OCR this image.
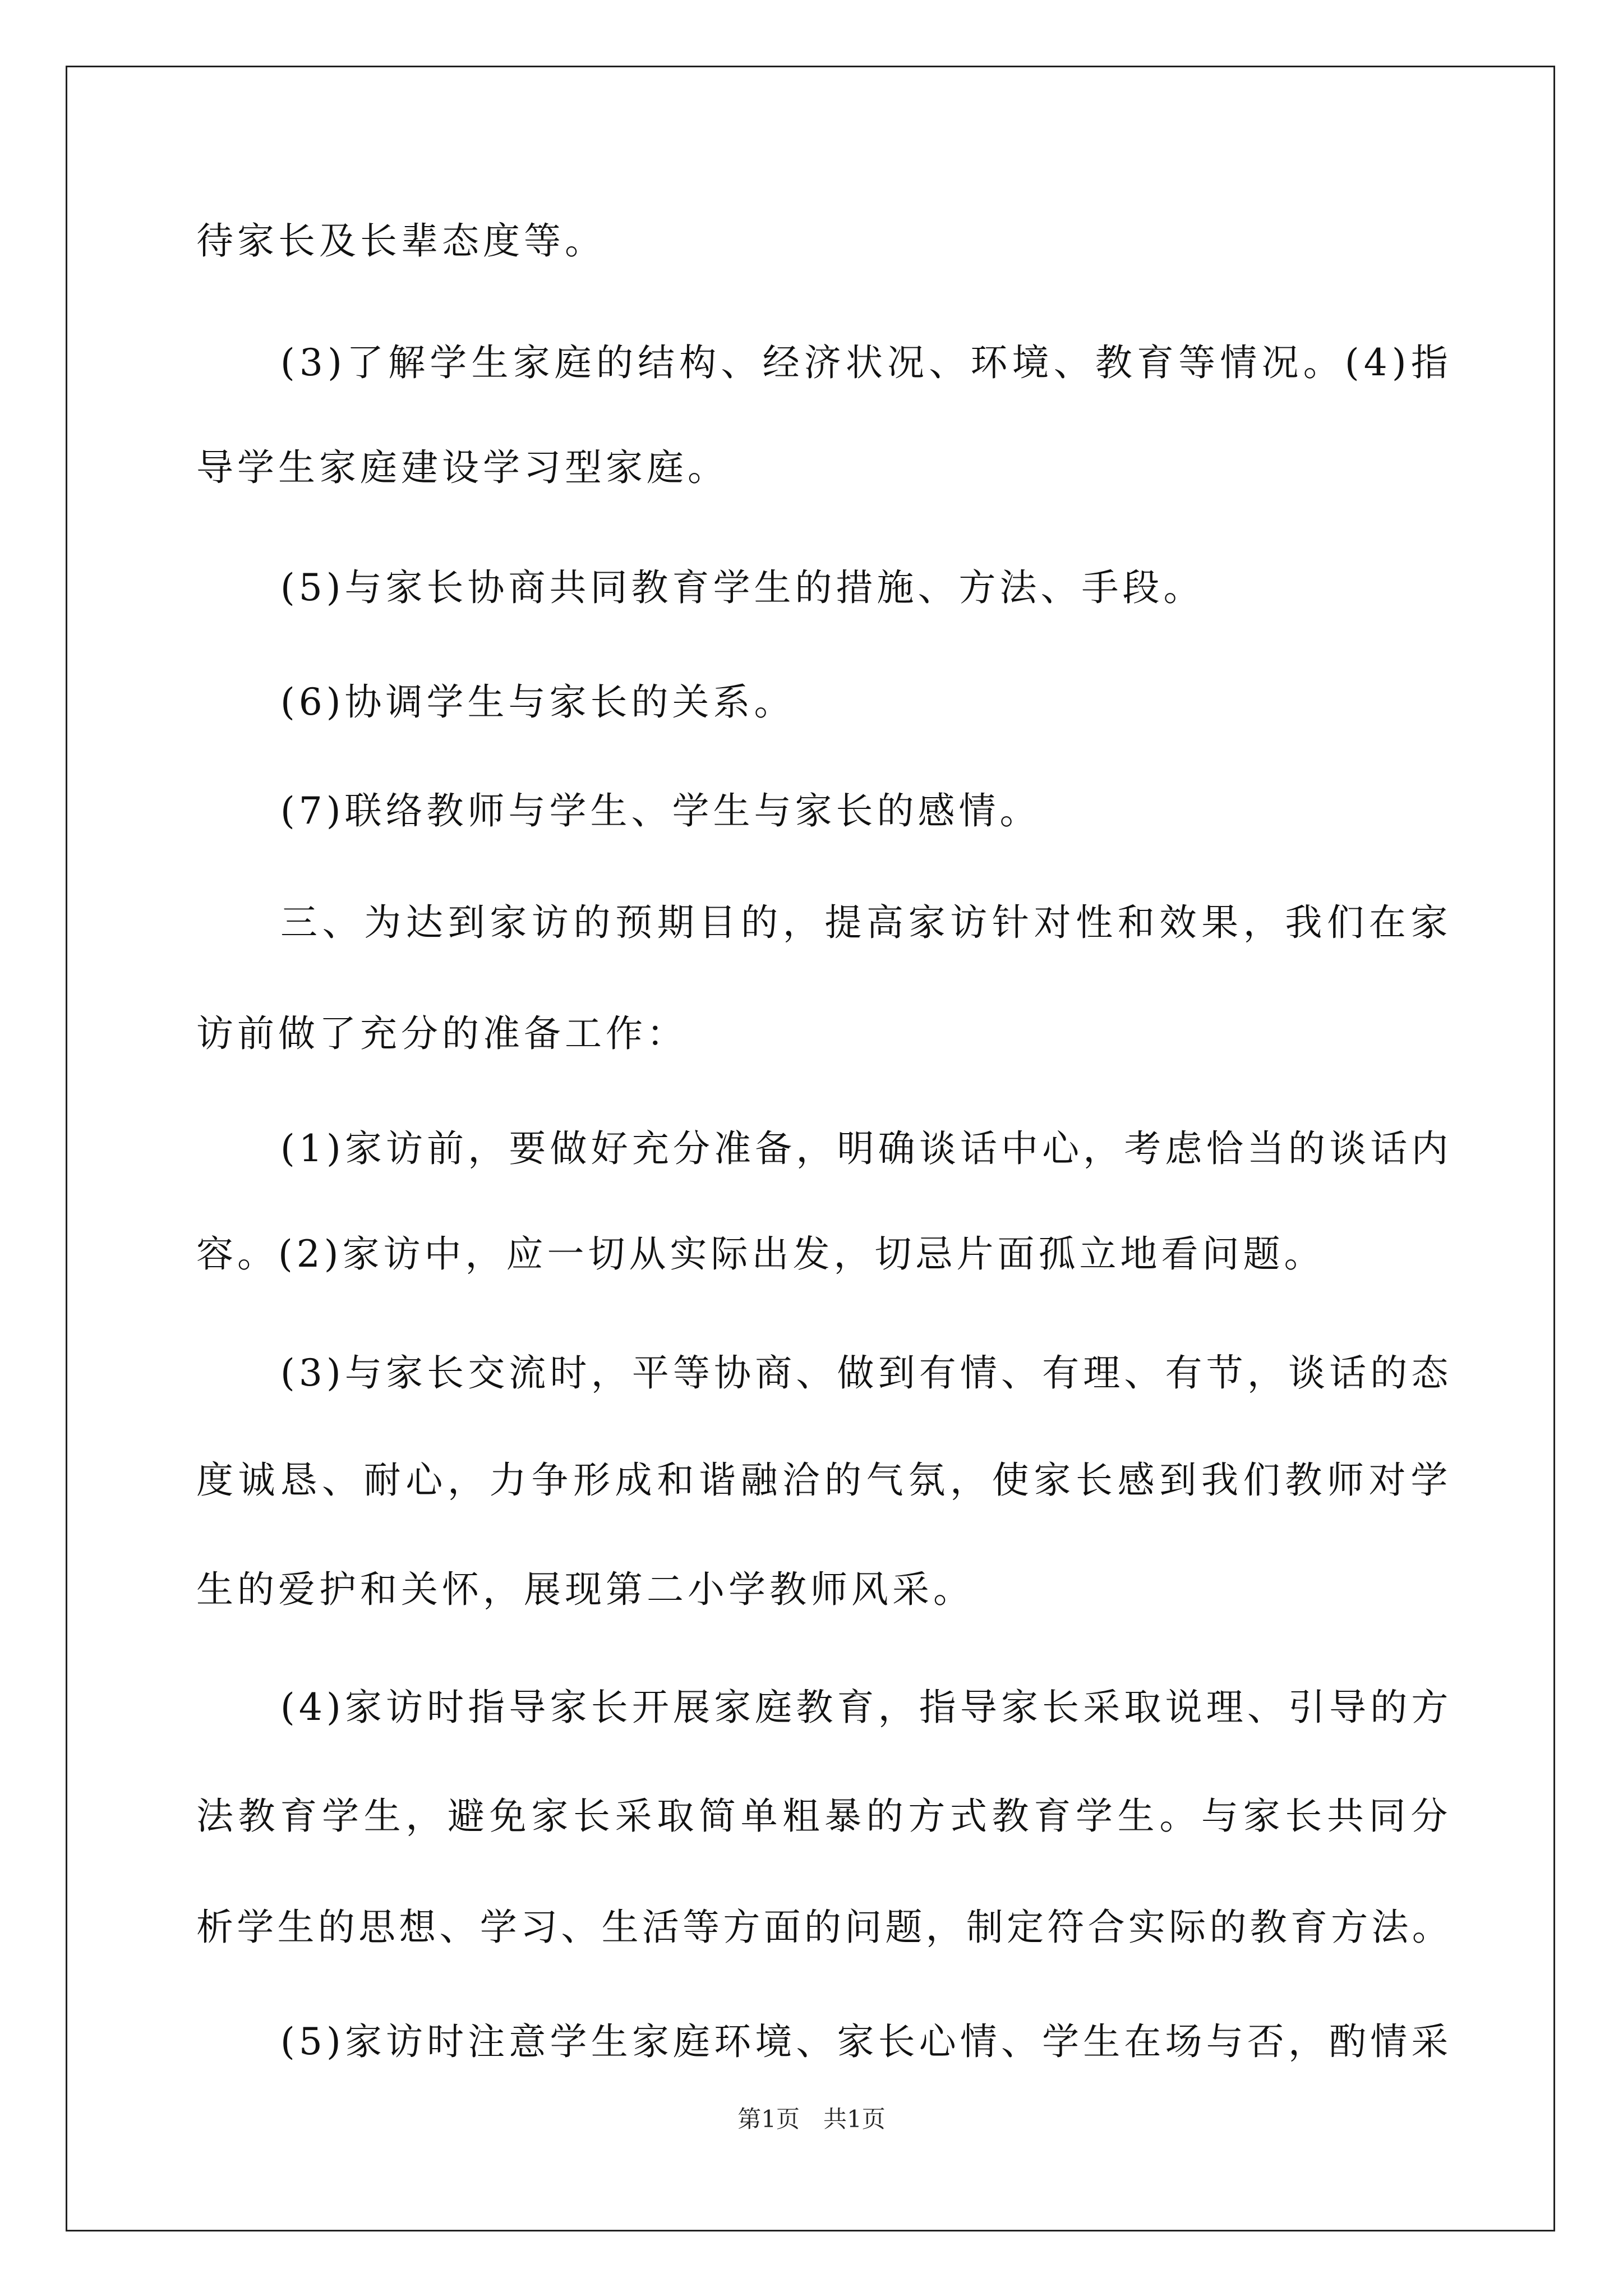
待家长及长辈态度等。
(3)了解学生家庭的结构、经济状况、环境、教育等情况。(4)指
导学生家庭建设学习型家庭。
(5)与家长协商共同教育学生的措施、方法、手段。
(6)协调学生与家长的关系。
(7)联络教师与学生、学生与家长的感情。
三、为达到家访的预期目的，提高家访针对性和效果，我们在家
访前做了充分的准备工作：
(1)家访前，要做好充分准备，明确谈话中心，考虑恰当的谈话内
容。(2)家访中，应一切从实际出发，切忌片面孤立地看问题。
(3)与家长交流时，平等协商、做到有情、有理、有节，谈话的态
度诚恳、耐心，力争形成和谐融洽的气氛，使家长感到我们教师对学
生的爱护和关怀，展现第二小学教师风采。
(4)家访时指导家长开展家庭教育，指导家长采取说理、引导的方
法教育学生，避免家长采取简单粗暴的方式教育学生。与家长共同分
析学生的思想、学习、生活等方面的问题，制定符合实际的教育方法。
(5)家访时注意学生家庭环境、家长心情、学生在场与否，酌情采
第1页　共1页
